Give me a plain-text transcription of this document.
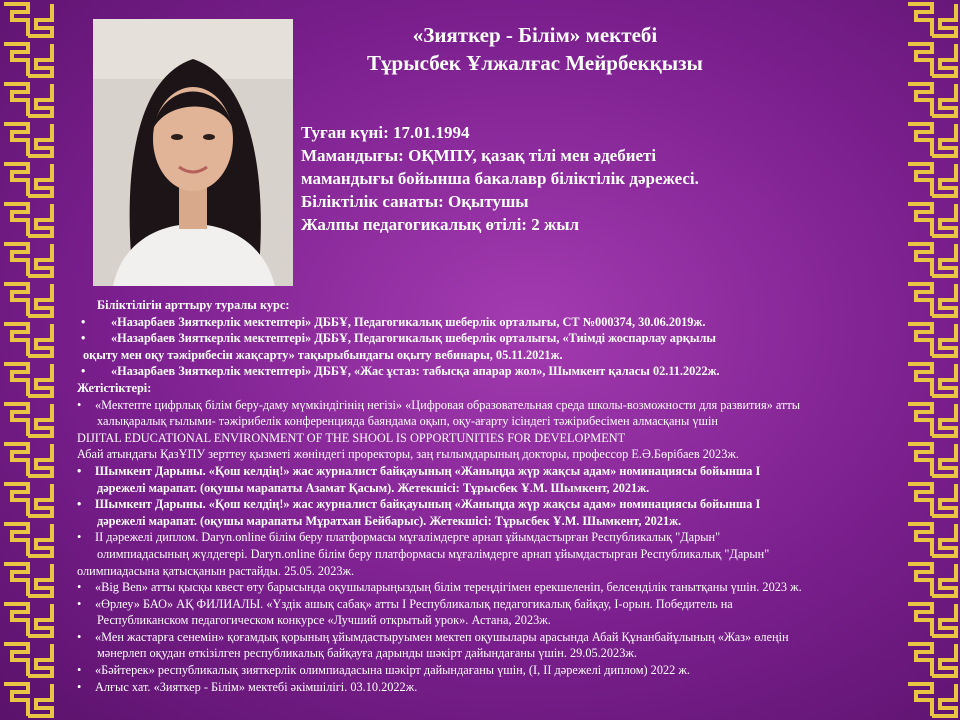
«Зияткер - Білім» мектебі
Тұрысбек Ұлжалғас Мейрбекқызы
Туған күні: 17.01.1994
Мамандығы: ОҚМПУ, қазақ тілі мен әдебиеті
мамандығы бойынша бакалавр біліктілік дәрежесі.
Біліктілік санаты: Оқытушы
Жалпы педагогикалық өтілі: 2 жыл
Біліктілігін арттыру туралы курс:
• «Назарбаев Зияткерлік мектептері» ДББҰ, Педагогикалық шеберлік орталығы, СТ №000374, 30.06.2019ж.
• «Назарбаев Зияткерлік мектептері» ДББҰ, Педагогикалық шеберлік орталығы, «Тиімді жоспарлау арқылы
оқыту мен оқу тәжірибесін жақсарту» тақырыбындағы оқыту вебинары, 05.11.2021ж.
• «Назарбаев Зияткерлік мектептері» ДББҰ, «Жас ұстаз: табысқа апарар жол», Шымкент қаласы 02.11.2022ж.
Жетістіктері:
• «Мектепте цифрлық білім беру-даму мүмкіндігінің негізі» «Цифровая образовательная среда школы-возможности для развития» атты
халықаралық ғылыми- тәжірибелік конференцияда баяндама оқып, оқу-ағарту ісіндегі тәжірибесімен алмасқаны үшін
DIJITAL EDUCATIONAL ENVIRONMENT OF THE SHOOL IS OPPORTUNITIES FOR DEVELOPMENT
Абай атындағы ҚазҰПУ зерттеу қызметі жөніндегі проректоры, заң ғылымдарының докторы, профессор Е.Ә.Бөрібаев 2023ж.
• Шымкент Дарыны. «Қош келдің!» жас журналист байқауының «Жаныңда жүр жақсы адам» номинациясы бойынша I
дәрежелі марапат. (оқушы марапаты Азамат Қасым). Жетекшісі: Тұрысбек Ұ.М. Шымкент, 2021ж.
• Шымкент Дарыны. «Қош келдің!» жас журналист байқауының «Жаныңда жүр жақсы адам» номинациясы бойынша I
дәрежелі марапат. (оқушы марапаты Мұратхан Бейбарыс). Жетекшісі: Тұрысбек Ұ.М. Шымкент, 2021ж.
• II дәрежелі диплом. Daryn.online білім беру платформасы мұғалімдерге арнап ұйымдастырған Республикалық "Дарын"
олимпиадасының жүлдегері. Daryn.online білім беру платформасы мұғалімдерге арнап ұйымдастырған Республикалық "Дарын"
олимпиадасына қатысқанын растайды. 25.05. 2023ж.
• «Big Ben» атты қысқы квест өту барысында оқушыларыңыздың білім тереңдігімен ерекшеленіп, белсенділік танытқаны үшін. 2023 ж.
• «Өрлеу» БАО» АҚ ФИЛИАЛЫ. «Үздік ашық сабақ» атты I Республикалық педагогикалық байқау, I-орын. Победитель на
Республиканском педагогическом конкурсе «Лучший открытый урок». Астана, 2023ж.
• «Мен жастарға сенемін» қоғамдық қорының ұйымдастыруымен мектеп оқушылары арасында Абай Құнанбайұлының «Жаз» өлеңін
мәнерлеп оқудан өткізілген республикалық байқауға дарынды шәкірт дайындағаны үшін. 29.05.2023ж.
• «Бәйтерек» республикалық зияткерлік олимпиадасына шәкірт дайындағаны үшін, (I, II дәрежелі диплом) 2022 ж.
• Алғыс хат. «Зияткер - Білім» мектебі әкімшілігі. 03.10.2022ж.
